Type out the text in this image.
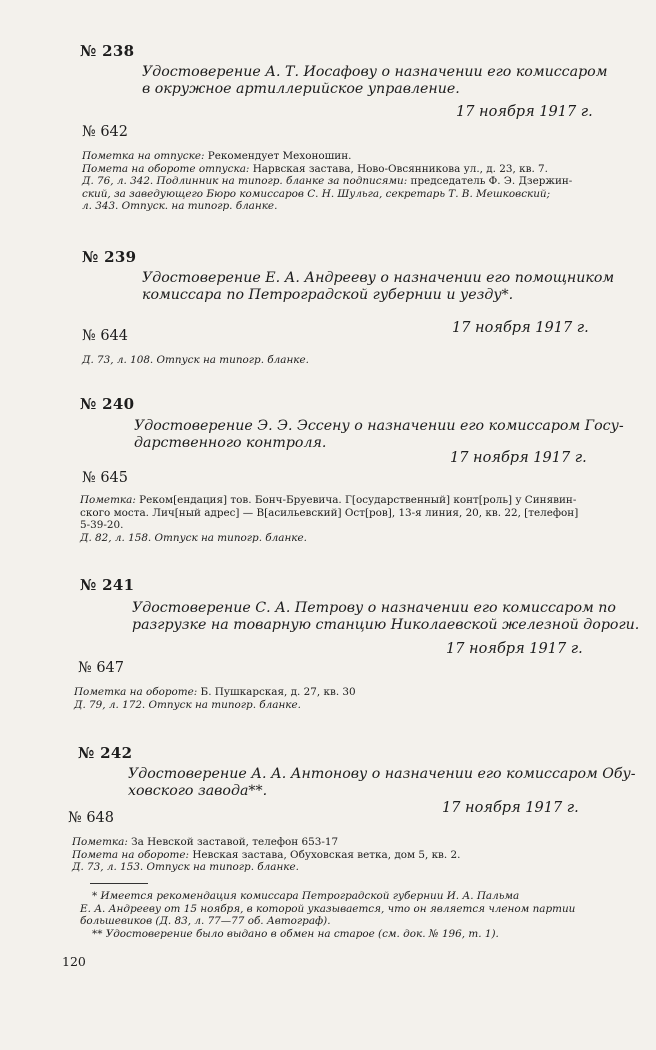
№ 238
Удостоверение А. Т. Иосафову о назначении его комиссаром
в окружное артиллерийское управление.
17 ноября 1917 г.
№ 642
Пометка на отпуске: Рекомендует Мехоношин.
Помета на обороте отпуска: Нарвская застава, Ново-Овсянникова ул., д. 23, кв. 7.
Д. 76, л. 342. Подлинник на типогр. бланке за подписями: председатель Ф. Э. Дзержин-
ский, за заведующего Бюро комиссаров С. Н. Шульга, секретарь Т. В. Мешковский;
л. 343. Отпуск. на типогр. бланке.
№ 239
Удостоверение Е. А. Андрееву о назначении его помощником
комиссара по Петроградской губернии и уезду*.
17 ноября 1917 г.
№ 644
Д. 73, л. 108. Отпуск на типогр. бланке.
№ 240
Удостоверение Э. Э. Эссену о назначении его комиссаром Госу-
дарственного контроля.
17 ноября 1917 г.
№ 645
Пометка: Реком[ендация] тов. Бонч-Бруевича. Г[осударственный] конт[роль] у Синявин-
ского моста. Лич[ный адрес] — В[асильевский] Ост[ров], 13-я линия, 20, кв. 22, [телефон]
5-39-20.
Д. 82, л. 158. Отпуск на типогр. бланке.
№ 241
Удостоверение С. А. Петрову о назначении его комиссаром по
разгрузке на товарную станцию Николаевской железной дороги.
17 ноября 1917 г.
№ 647
Пометка на обороте: Б. Пушкарская, д. 27, кв. 30
Д. 79, л. 172. Отпуск на типогр. бланке.
№ 242
Удостоверение А. А. Антонову о назначении его комиссаром Обу-
ховского завода**.
17 ноября 1917 г.
№ 648
Пометка: За Невской заставой, телефон 653-17
Помета на обороте: Невская застава, Обуховская ветка, дом 5, кв. 2.
Д. 73, л. 153. Отпуск на типогр. бланке.
* Имеется рекомендация комиссара Петроградской губернии И. А. Пальма
Е. А. Андрееву от 15 ноября, в которой указывается, что он является членом партии
большевиков (Д. 83, л. 77—77 об. Автограф).
** Удостоверение было выдано в обмен на старое (см. док. № 196, т. 1).
120
